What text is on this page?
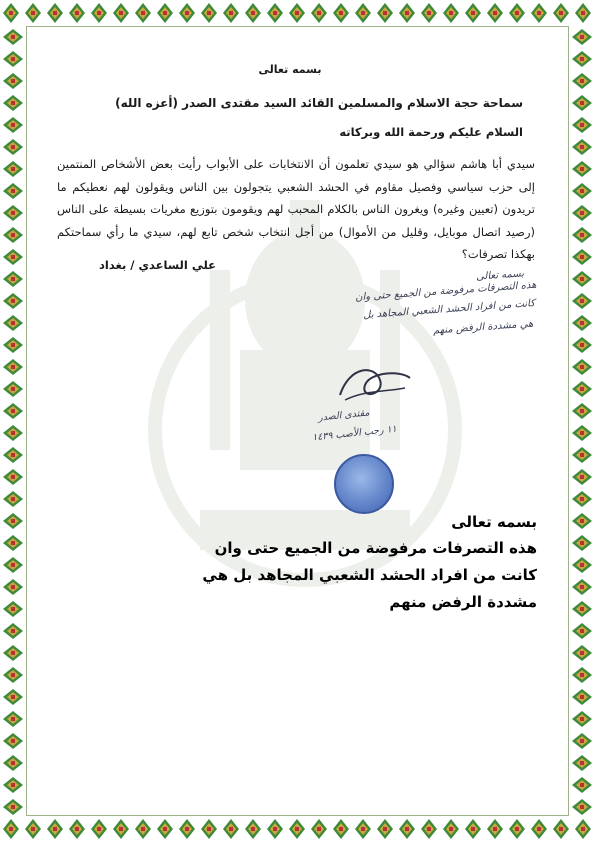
بسمه تعالى
سماحة حجة الاسلام والمسلمين القائد السيد مقتدى الصدر (أعزه الله)
السلام عليكم ورحمة الله وبركاته
سيدي أبا هاشم سؤالي هو سيدي تعلمون أن الانتخابات على الأبواب رأيت بعض الأشخاص المنتمين إلى حزب سياسي وفصيل مقاوم في الحشد الشعبي يتجولون بين الناس ويقولون لهم نعطيكم ما تريدون (تعيين وغيره) ويغرون الناس بالكلام المحبب لهم ويقومون بتوزيع مغريات بسيطة على الناس (رصيد اتصال موبايل، وقليل من الأموال) من أجل انتخاب شخص تابع لهم، سيدي ما رأي سماحتكم بهكذا تصرفات؟
علي الساعدي / بغداد
بسمه تعالى
هذه التصرفات مرفوضة من الجميع حتى وان
كانت من افراد الحشد الشعبي المجاهد بل
هي مشددة الرفض منهم
مقتدى الصدر
١١ رجب الأصب ١٤٣٩
بسمه تعالى
هذه التصرفات مرفوضة من الجميع حتى وان
كانت من افراد الحشد الشعبي المجاهد بل هي
مشددة الرفض منهم
